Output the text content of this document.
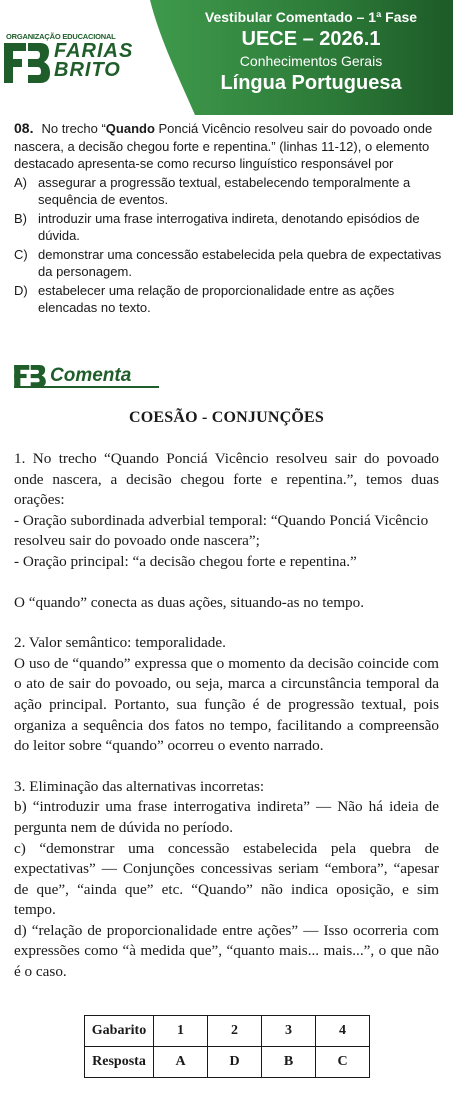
ORGANIZAÇÃO EDUCACIONAL
FARIAS
BRITO
Vestibular Comentado – 1ª Fase
UECE – 2026.1
Conhecimentos Gerais
Língua Portuguesa

08. No trecho “Quando Ponciá Vicêncio resolveu sair do povoado onde nascera, a decisão chegou forte e repentina.” (linhas 11-12), o elemento destacado apresenta-se como recurso linguístico responsável por

A) assegurar a progressão textual, estabelecendo temporalmente a sequência de eventos.
B) introduzir uma frase interrogativa indireta, denotando episódios de dúvida.
C) demonstrar uma concessão estabelecida pela quebra de expectativas da personagem.
D) estabelecer uma relação de proporcionalidade entre as ações elencadas no texto.
Comenta
COESÃO - CONJUNÇÕES

1. No trecho “Quando Ponciá Vicêncio resolveu sair do povoado onde nascera, a decisão chegou forte e repentina.”, temos duas orações:

- Oração subordinada adverbial temporal: “Quando Ponciá Vicêncio resolveu sair do povoado onde nascera”;

- Oração principal: “a decisão chegou forte e repentina.”

O “quando” conecta as duas ações, situando-as no tempo.

2. Valor semântico: temporalidade.

O uso de “quando” expressa que o momento da decisão coincide com o ato de sair do povoado, ou seja, marca a circunstância temporal da ação principal. Portanto, sua função é de progressão textual, pois organiza a sequência dos fatos no tempo, facilitando a compreensão do leitor sobre “quando” ocorreu o evento narrado.

3. Eliminação das alternativas incorretas:

b) “introduzir uma frase interrogativa indireta” — Não há ideia de pergunta nem de dúvida no período.

c) “demonstrar uma concessão estabelecida pela quebra de expectativas” — Conjunções concessivas seriam “embora”, “apesar de que”, “ainda que” etc. “Quando” não indica oposição, e sim tempo.

d) “relação de proporcionalidade entre ações” — Isso ocorreria com expressões como “à medida que”, “quanto mais... mais...”, o que não é o caso.

Gabarito	1	2	3	4
Resposta	A	D	B	C
